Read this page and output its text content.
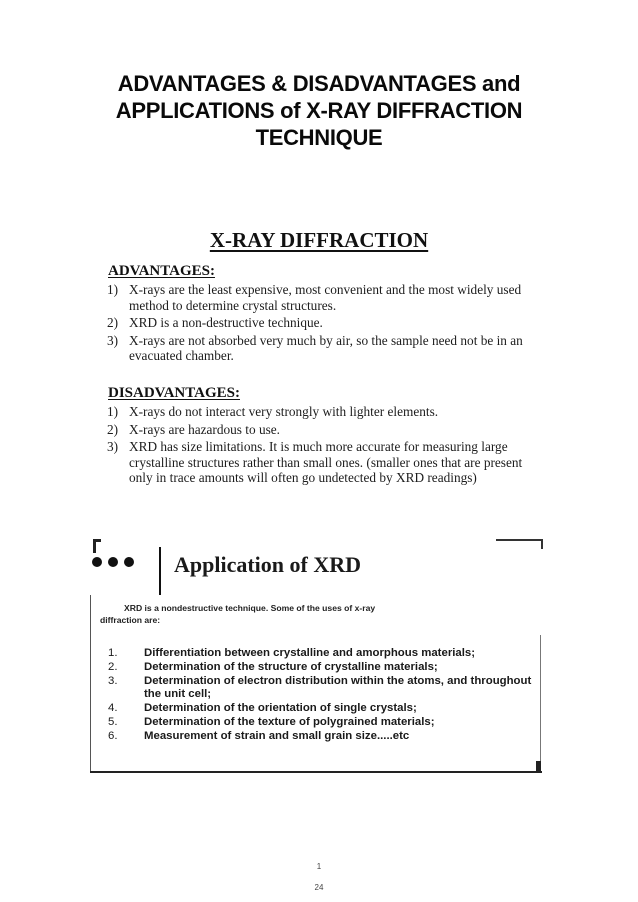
ADVANTAGES & DISADVANTAGES and
APPLICATIONS of X-RAY DIFFRACTION
TECHNIQUE
X-RAY DIFFRACTION
ADVANTAGES:
1) X-rays are the least expensive, most convenient and the most widely used method to determine crystal structures.
2) XRD is a non-destructive technique.
3) X-rays are not absorbed very much by air, so the sample need not be in an evacuated chamber.
DISADVANTAGES:
1) X-rays do not interact very strongly with lighter elements.
2) X-rays are hazardous to use.
3) XRD has size limitations. It is much more accurate for measuring large crystalline structures rather than small ones. (smaller ones that are present only in trace amounts will often go undetected by XRD readings)
Application of XRD
XRD is a nondestructive technique. Some of the uses of x-ray
diffraction are:
1. Differentiation between crystalline and amorphous materials;
2. Determination of the structure of crystalline materials;
3. Determination of electron distribution within the atoms, and throughout the unit cell;
4. Determination of the orientation of single crystals;
5. Determination of the texture of polygrained materials;
6. Measurement of strain and small grain size.....etc
1
24
